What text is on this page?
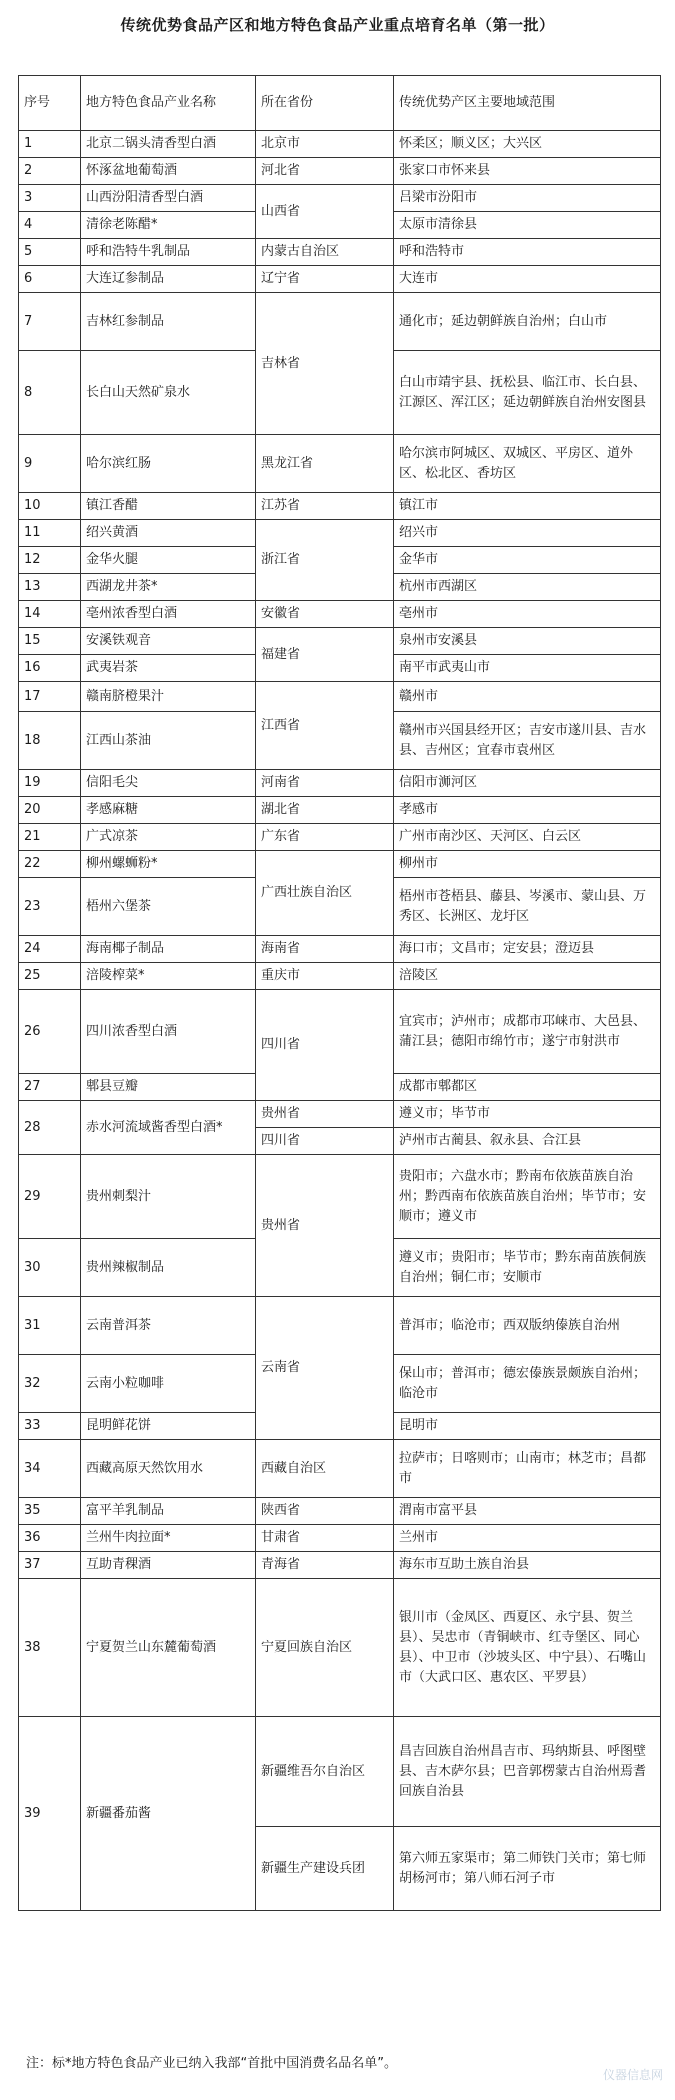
传统优势食品产区和地方特色食品产业重点培育名单（第一批）
序号	地方特色食品产业名称	所在省份	传统优势产区主要地域范围
1	北京二锅头清香型白酒	北京市	怀柔区；顺义区；大兴区
2	怀涿盆地葡萄酒	河北省	张家口市怀来县
3	山西汾阳清香型白酒	山西省	吕梁市汾阳市
4	清徐老陈醋*		太原市清徐县
5	呼和浩特牛乳制品	内蒙古自治区	呼和浩特市
6	大连辽参制品	辽宁省	大连市
7	吉林红参制品	吉林省	通化市；延边朝鲜族自治州；白山市
8	长白山天然矿泉水		白山市靖宇县、抚松县、临江市、长白县、江源区、浑江区；延边朝鲜族自治州安图县
9	哈尔滨红肠	黑龙江省	哈尔滨市阿城区、双城区、平房区、道外区、松北区、香坊区
10	镇江香醋	江苏省	镇江市
11	绍兴黄酒	浙江省	绍兴市
12	金华火腿		金华市
13	西湖龙井茶*		杭州市西湖区
14	亳州浓香型白酒	安徽省	亳州市
15	安溪铁观音	福建省	泉州市安溪县
16	武夷岩茶		南平市武夷山市
17	赣南脐橙果汁	江西省	赣州市
18	江西山茶油		赣州市兴国县经开区；吉安市遂川县、吉水县、吉州区；宜春市袁州区
19	信阳毛尖	河南省	信阳市浉河区
20	孝感麻糖	湖北省	孝感市
21	广式凉茶	广东省	广州市南沙区、天河区、白云区
22	柳州螺蛳粉*	广西壮族自治区	柳州市
23	梧州六堡茶		梧州市苍梧县、藤县、岑溪市、蒙山县、万秀区、长洲区、龙圩区
24	海南椰子制品	海南省	海口市；文昌市；定安县；澄迈县
25	涪陵榨菜*	重庆市	涪陵区
26	四川浓香型白酒	四川省	宜宾市；泸州市；成都市邛崃市、大邑县、蒲江县；德阳市绵竹市；遂宁市射洪市
27	郫县豆瓣		成都市郫都区
28	赤水河流域酱香型白酒*	贵州省	遵义市；毕节市
		四川省	泸州市古蔺县、叙永县、合江县
29	贵州刺梨汁	贵州省	贵阳市；六盘水市；黔南布依族苗族自治州；黔西南布依族苗族自治州；毕节市；安顺市；遵义市
30	贵州辣椒制品		遵义市；贵阳市；毕节市；黔东南苗族侗族自治州；铜仁市；安顺市
31	云南普洱茶	云南省	普洱市；临沧市；西双版纳傣族自治州
32	云南小粒咖啡		保山市；普洱市；德宏傣族景颇族自治州；临沧市
33	昆明鲜花饼		昆明市
34	西藏高原天然饮用水	西藏自治区	拉萨市；日喀则市；山南市；林芝市；昌都市
35	富平羊乳制品	陕西省	渭南市富平县
36	兰州牛肉拉面*	甘肃省	兰州市
37	互助青稞酒	青海省	海东市互助土族自治县
38	宁夏贺兰山东麓葡萄酒	宁夏回族自治区	银川市（金凤区、西夏区、永宁县、贺兰县）、吴忠市（青铜峡市、红寺堡区、同心县）、中卫市（沙坡头区、中宁县）、石嘴山市（大武口区、惠农区、平罗县）
39	新疆番茄酱	新疆维吾尔自治区	昌吉回族自治州昌吉市、玛纳斯县、呼图壁县、吉木萨尔县；巴音郭楞蒙古自治州焉耆回族自治县
		新疆生产建设兵团	第六师五家渠市；第二师铁门关市；第七师胡杨河市；第八师石河子市
注：标*地方特色食品产业已纳入我部“首批中国消费名品名单”。
仪器信息网
